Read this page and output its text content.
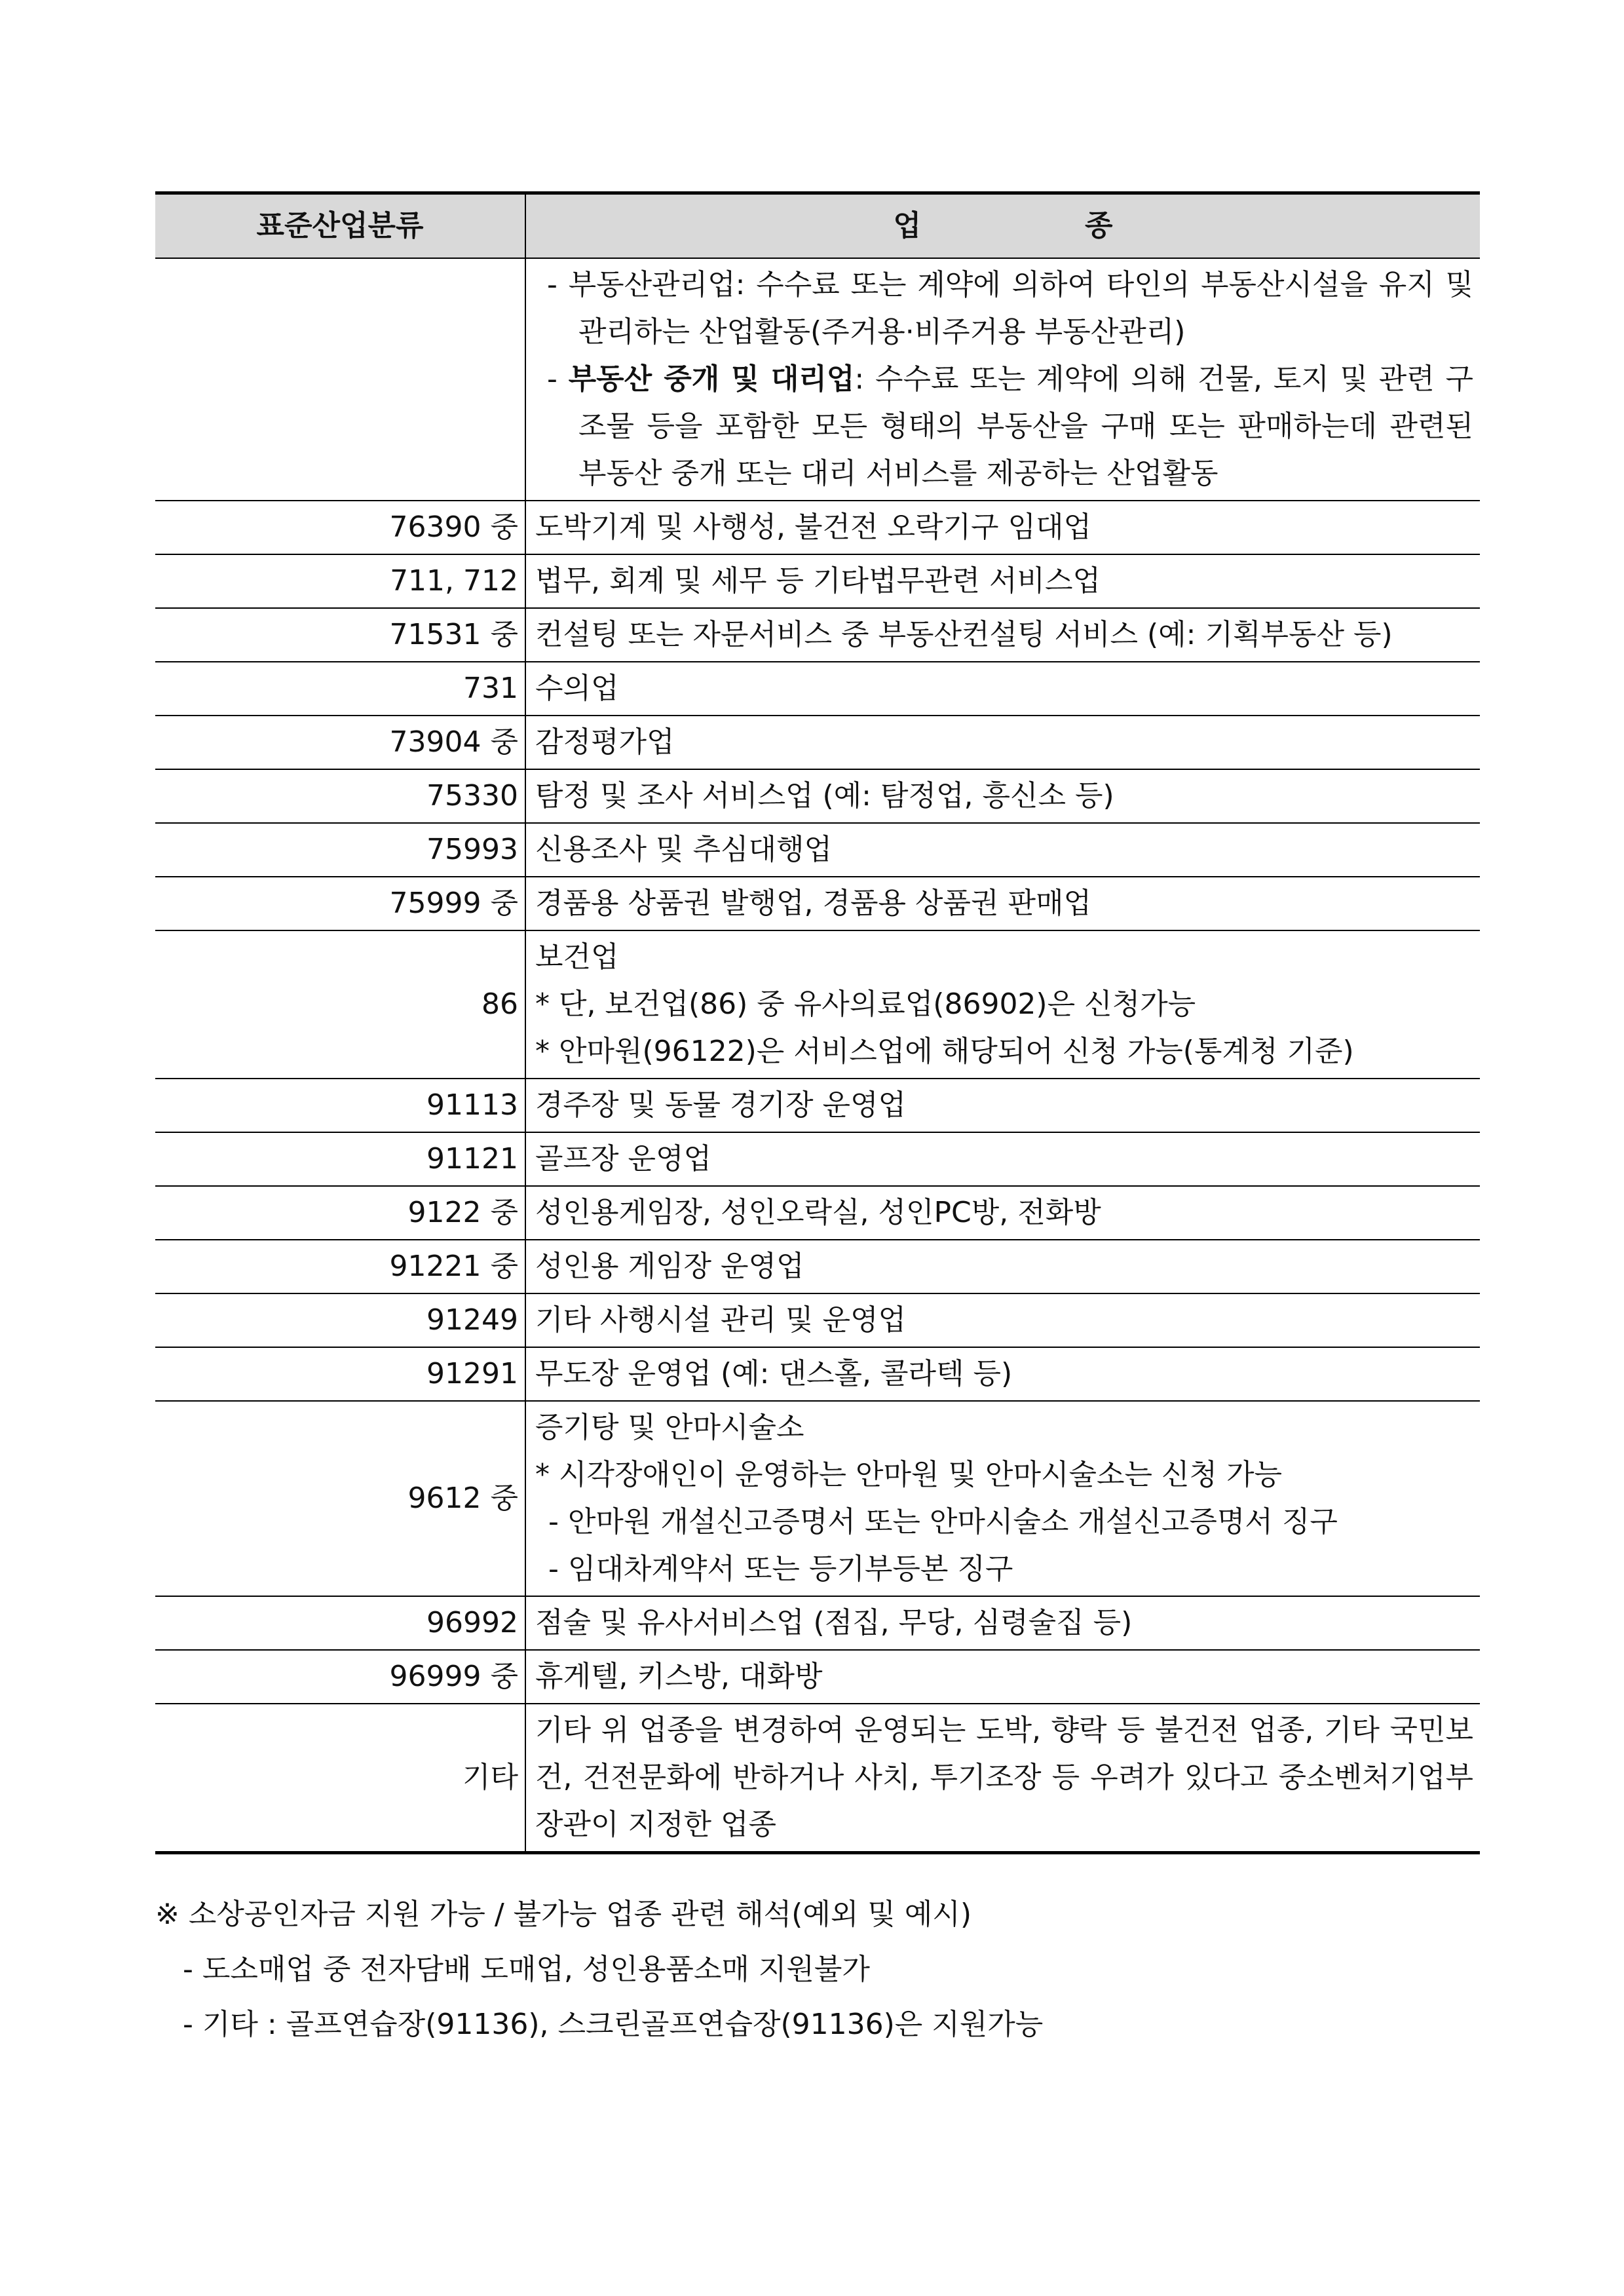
표준산업분류	업 종

	- 부동산관리업: 수수료 또는 계약에 의하여 타인의 부동산시설을 유지 및 관리하는 산업활동(주거용·비주거용 부동산관리)
- 부동산 중개 및 대리업: 수수료 또는 계약에 의해 건물, 토지 및 관련 구조물 등을 포함한 모든 형태의 부동산을 구매 또는 판매하는데 관련된 부동산 중개 또는 대리 서비스를 제공하는 산업활동

76390 중	도박기계 및 사행성, 불건전 오락기구 임대업
711, 712	법무, 회계 및 세무 등 기타법무관련 서비스업
71531 중	컨설팅 또는 자문서비스 중 부동산컨설팅 서비스 (예: 기획부동산 등)
731	수의업
73904 중	감정평가업
75330	탐정 및 조사 서비스업 (예: 탐정업, 흥신소 등)
75993	신용조사 및 추심대행업
75999 중	경품용 상품권 발행업, 경품용 상품권 판매업
86	보건업
* 단, 보건업(86) 중 유사의료업(86902)은 신청가능
* 안마원(96122)은 서비스업에 해당되어 신청 가능(통계청 기준)

91113	경주장 및 동물 경기장 운영업
91121	골프장 운영업
9122 중	성인용게임장, 성인오락실, 성인PC방, 전화방
91221 중	성인용 게임장 운영업
91249	기타 사행시설 관리 및 운영업
91291	무도장 운영업 (예: 댄스홀, 콜라텍 등)
9612 중	증기탕 및 안마시술소
* 시각장애인이 운영하는 안마원 및 안마시술소는 신청 가능
- 안마원 개설신고증명서 또는 안마시술소 개설신고증명서 징구
- 임대차계약서 또는 등기부등본 징구

96992	점술 및 유사서비스업 (점집, 무당, 심령술집 등)
96999 중	휴게텔, 키스방, 대화방
기타	기타 위 업종을 변경하여 운영되는 도박, 향락 등 불건전 업종, 기타 국민보건, 건전문화에 반하거나 사치, 투기조장 등 우려가 있다고 중소벤처기업부 장관이 지정한 업종
※ 소상공인자금 지원 가능 / 불가능 업종 관련 해석(예외 및 예시)
- 도소매업 중 전자담배 도매업, 성인용품소매 지원불가
- 기타 : 골프연습장(91136), 스크린골프연습장(91136)은 지원가능
